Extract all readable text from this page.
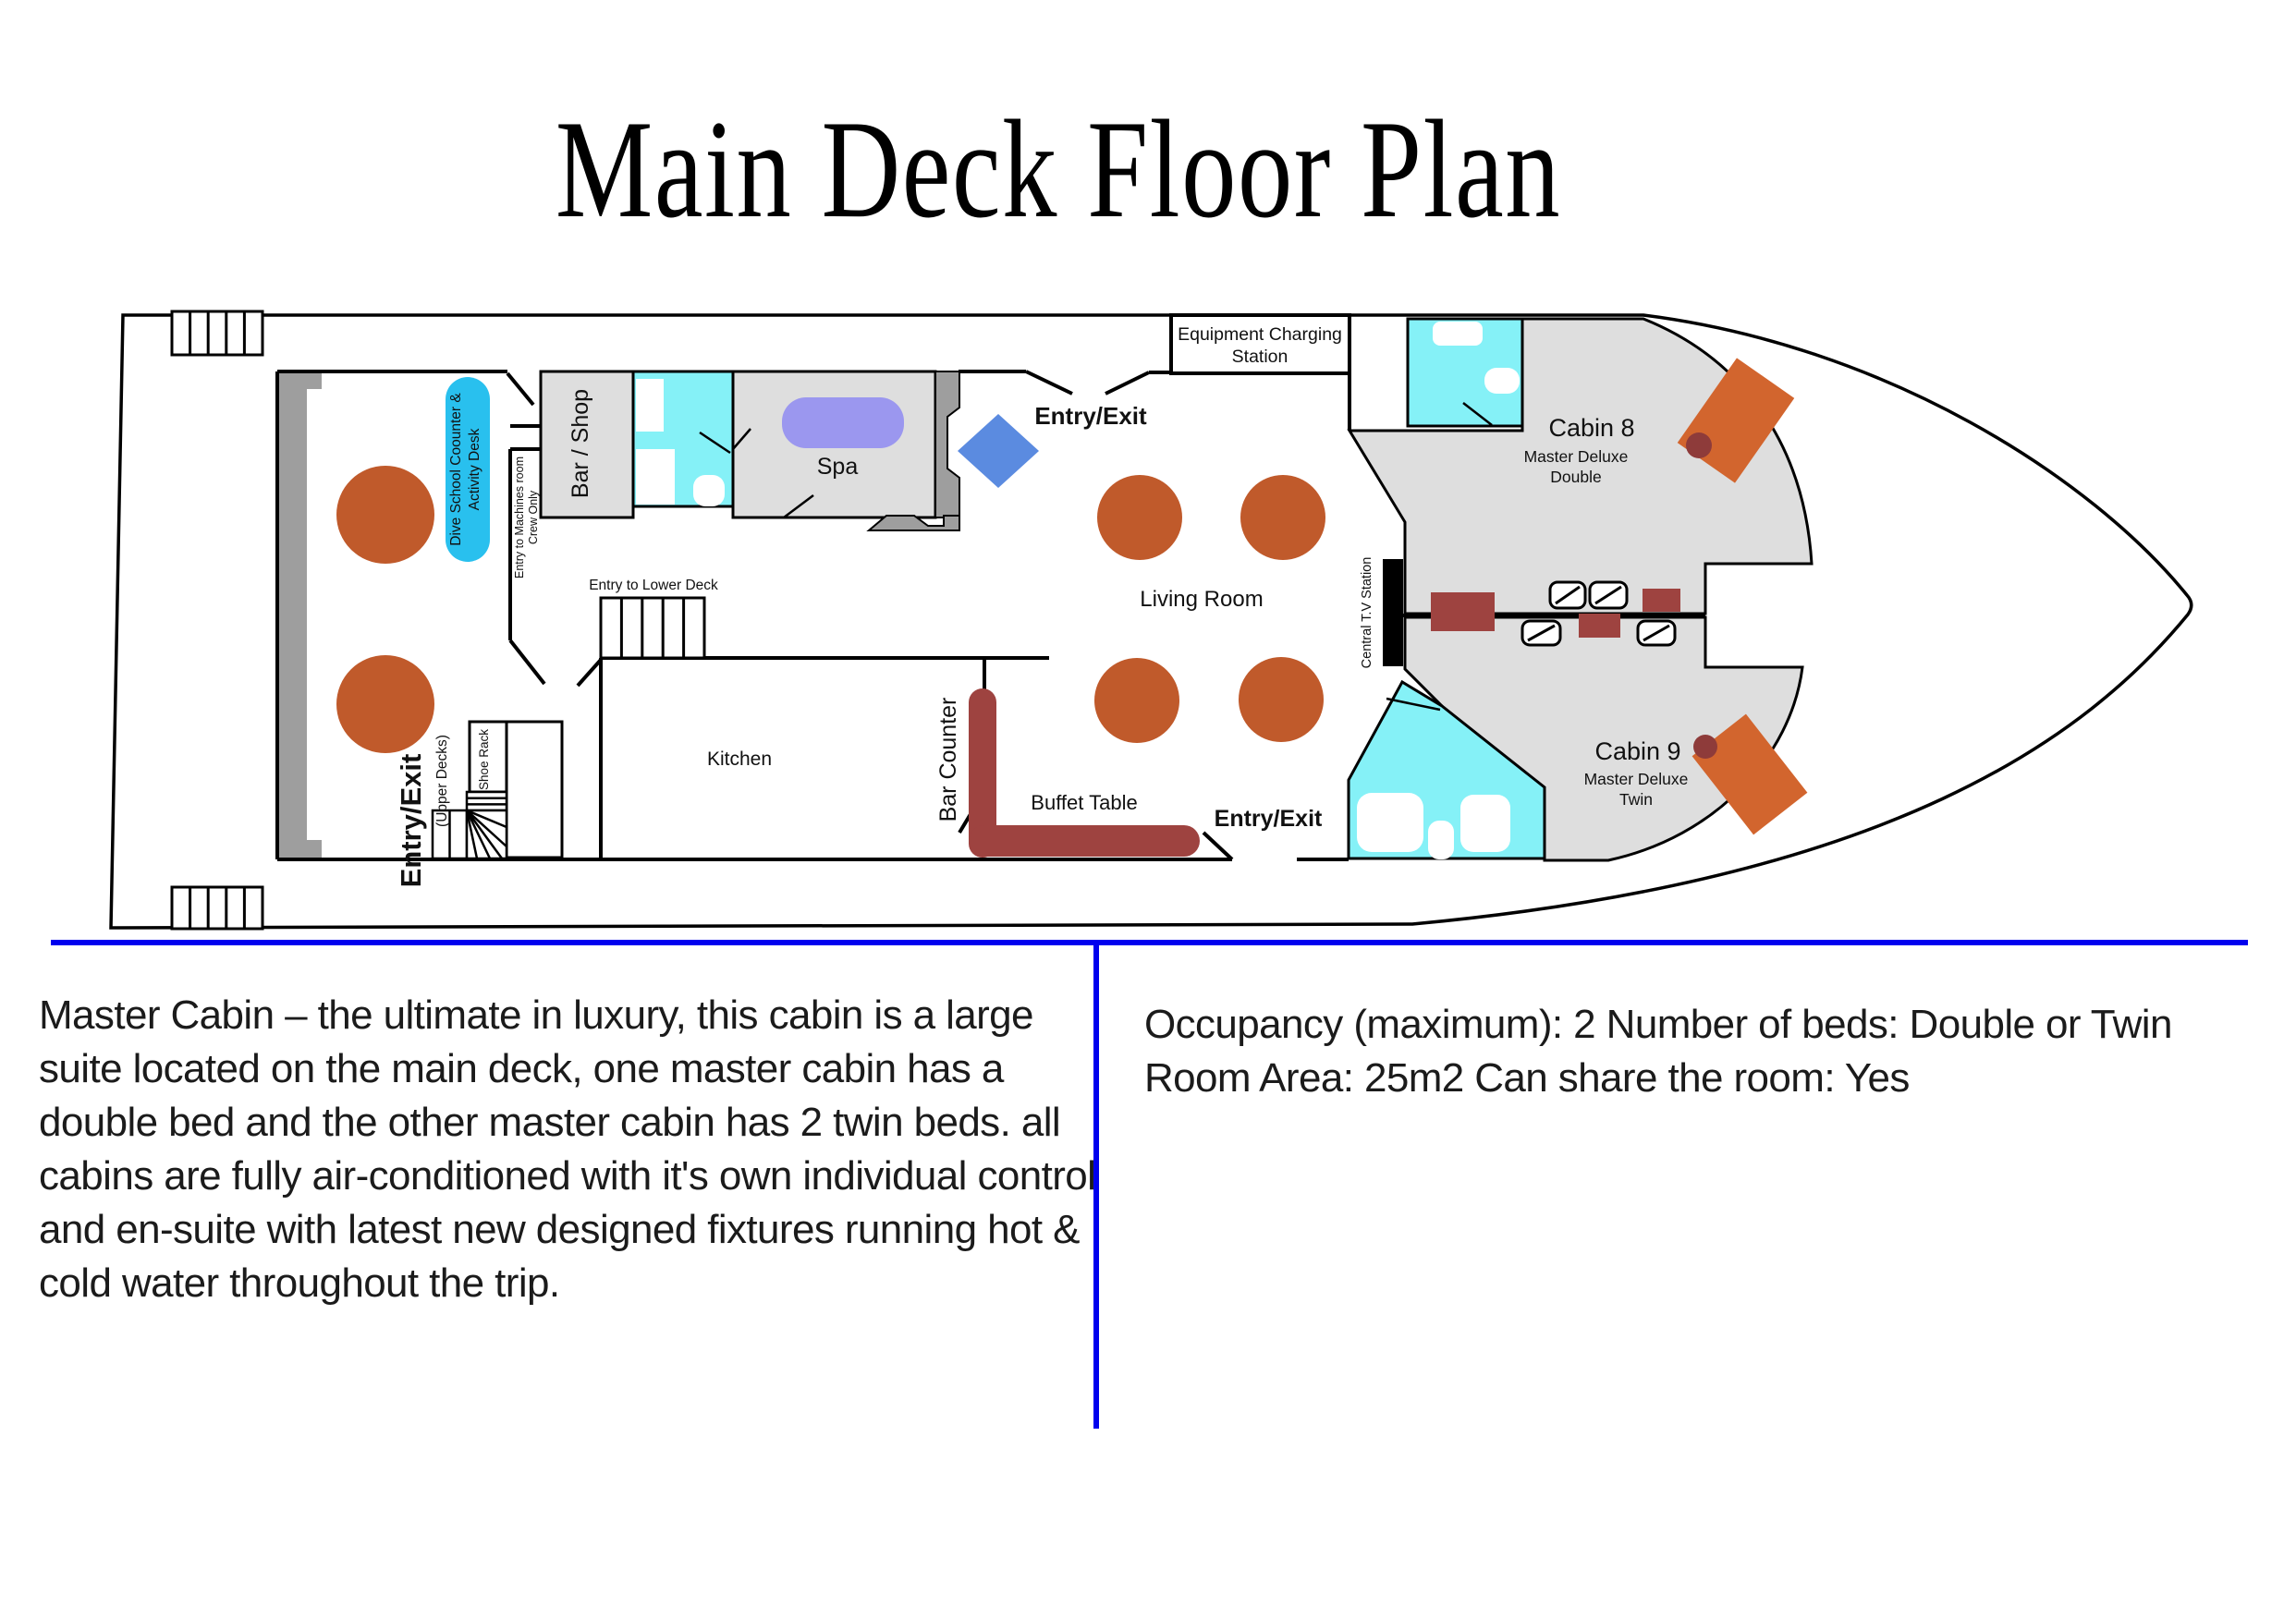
Main Deck Floor Plan
Dive School Coounter & Activity Desk	Entry to Machines room Crew Only
Bar / Shop	Spa
Entry to Lower Deck
Kitchen
Living Room
Bar Counter	Buffet Table
Equipment Charging
Station
Central T.V Station
Entry/Exit
Entry/Exit
Entry/Exit (Upper Decks) Shoe Rack
Cabin 8
Master Deluxe
Double
Cabin 9
Master Deluxe
Twin
Master Cabin – the ultimate in luxury, this cabin is a large suite located on the main deck, one master cabin has a double bed and the other master cabin has 2 twin beds. all cabins are fully air-conditioned with it's own individual control and en-suite with latest new designed fixtures running hot & cold water throughout the trip.
Occupancy (maximum): 2 Number of beds: Double or Twin Room Area: 25m2 Can share the room: Yes
